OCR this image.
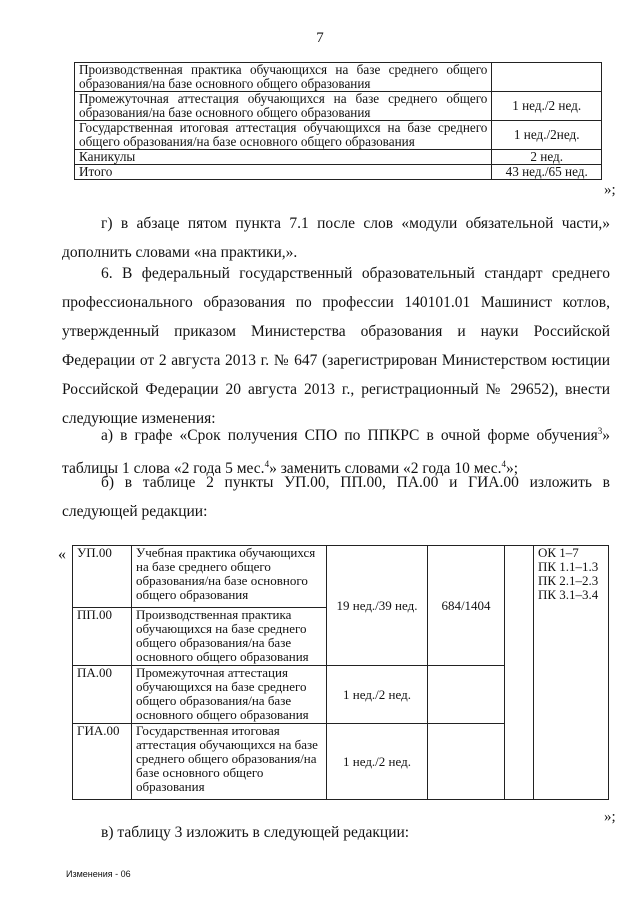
7
Производственная практика обучающихся на базе среднего общего образования/на базе основного общего образования	
Промежуточная аттестация обучающихся на базе среднего общего образования/на базе основного общего образования	1 нед./2 нед.
Государственная итоговая аттестация обучающихся на базе среднего общего образования/на базе основного общего образования	1 нед./2нед.
Каникулы	2 нед.
Итого	43 нед./65 нед.
»;
г) в абзаце пятом пункта 7.1 после слов «модули обязательной части,» дополнить словами «на практики,».
6. В федеральный государственный образовательный стандарт среднего профессионального образования по профессии 140101.01 Машинист котлов, утвержденный приказом Министерства образования и науки Российской Федерации от 2 августа 2013 г. № 647 (зарегистрирован Министерством юстиции Российской Федерации 20 августа 2013 г., регистрационный № 29652), внести следующие изменения:
а) в графе «Срок получения СПО по ППКРС в очной форме обучения$^3$» таблицы 1 слова «2 года 5 мес.$^4$» заменить словами «2 года 10 мес.$^4$»;
б) в таблице 2 пункты УП.00, ПП.00, ПА.00 и ГИА.00 изложить в следующей редакции:
« УП.00	Учебная практика обучающихся на базе среднего общего образования/на базе основного общего образования	19 нед./39 нед.	684/1404		ОК 1–7
ПК 1.1–1.3
ПК 2.1–2.3
ПК 3.1–3.4

ПП.00	Производственная практика обучающихся на базе среднего общего образования/на базе основного общего образования				
ПА.00	Промежуточная аттестация обучающихся на базе среднего общего образования/на базе основного общего образования	1 нед./2 нед.			
ГИА.00	Государственная итоговая аттестация обучающихся на базе среднего общего образования/на базе основного общего образования	1 нед./2 нед.			
»;
в) таблицу 3 изложить в следующей редакции:
Изменения - 06
